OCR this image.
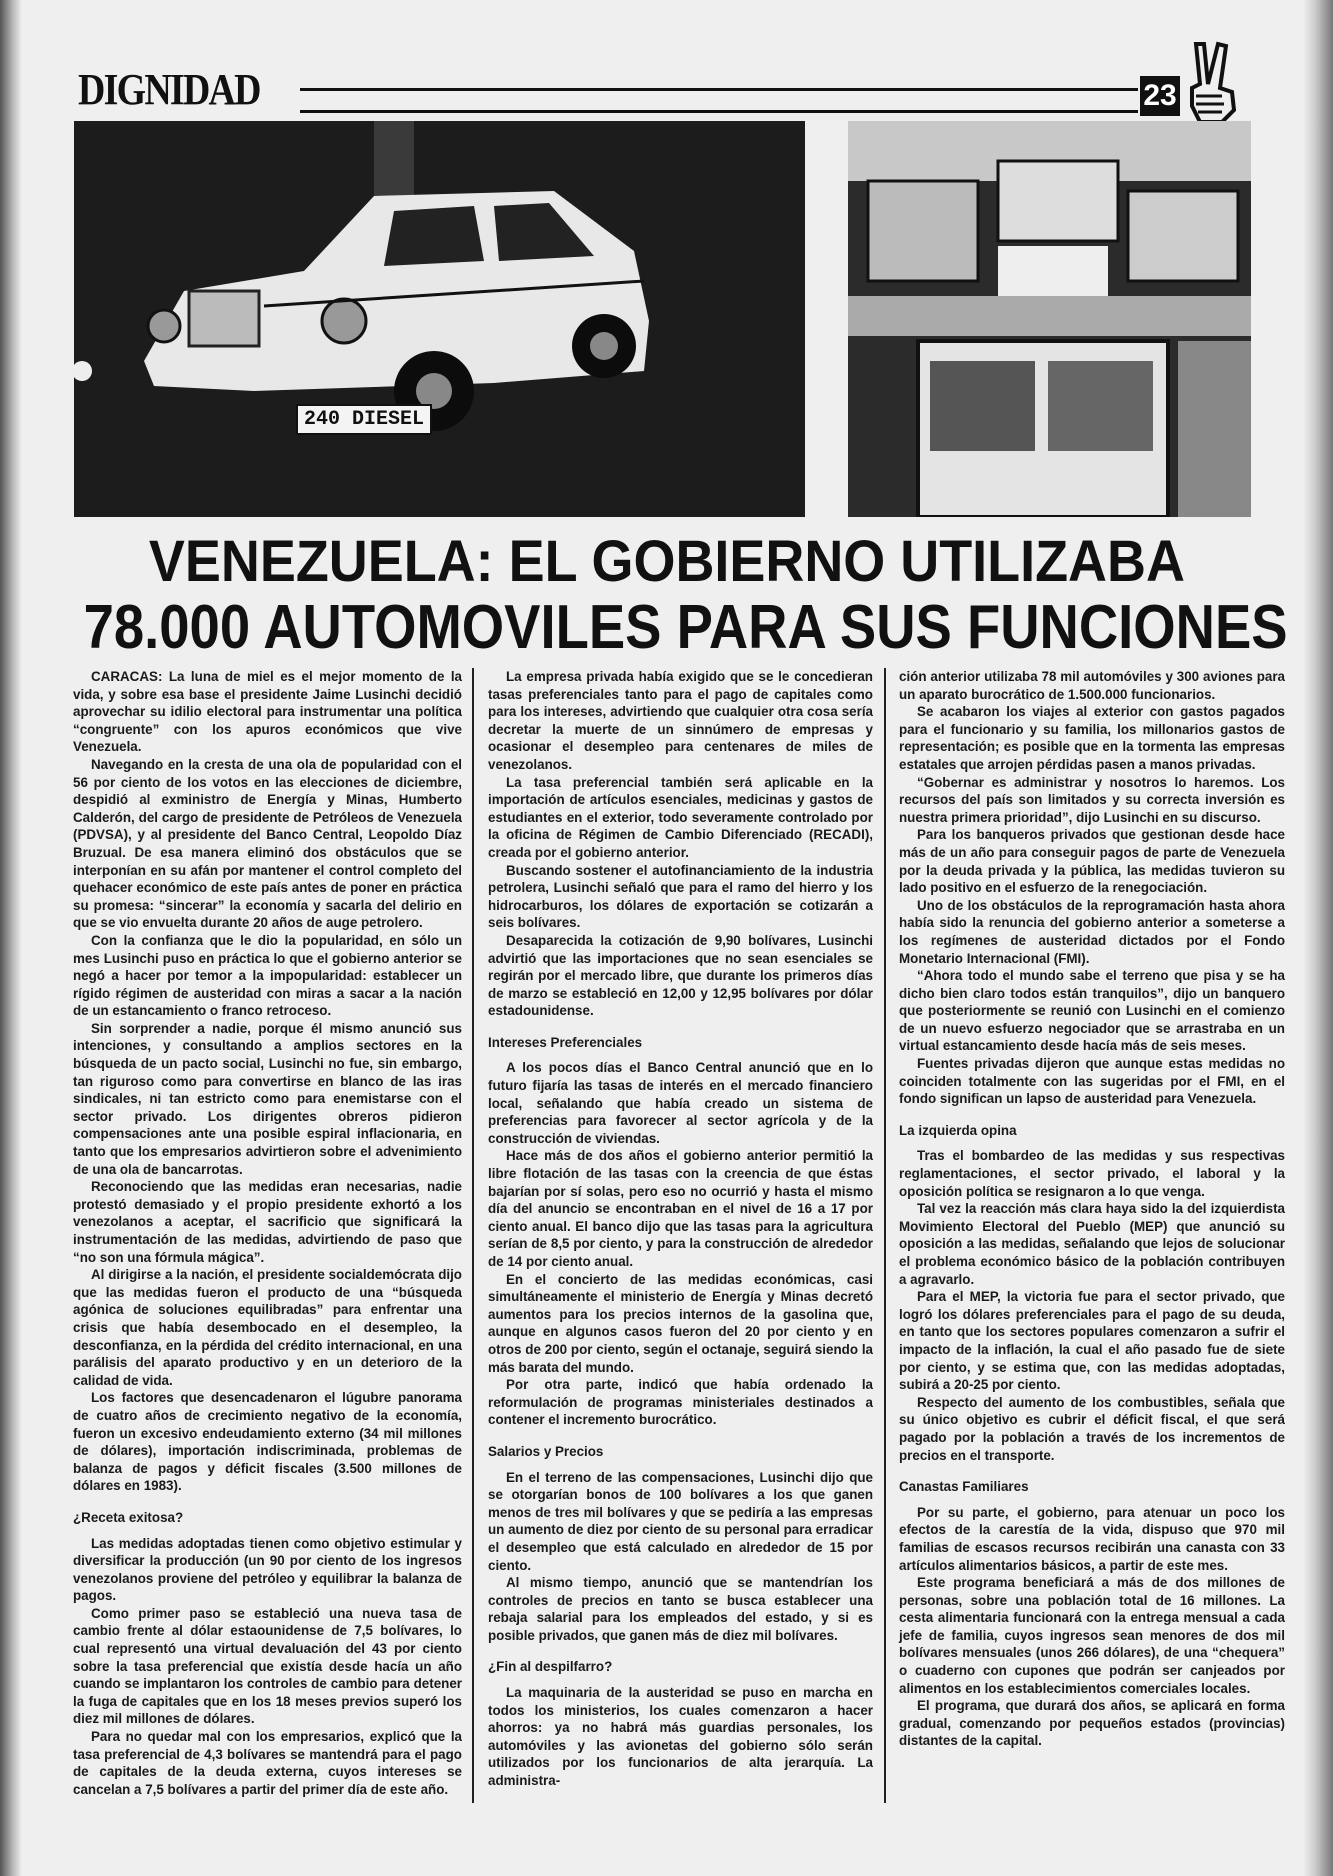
DIGNIDAD	23
240 DIESEL
VENEZUELA: EL GOBIERNO UTILIZABA
78.000 AUTOMOVILES PARA SUS FUNCIONES

CARACAS: La luna de miel es el mejor momento de la vida, y sobre esa base el presidente Jaime Lusinchi decidió aprovechar su idilio electoral para instrumentar una política “congruente” con los apuros económicos que vive Venezuela.

Navegando en la cresta de una ola de popularidad con el 56 por ciento de los votos en las elecciones de diciembre, despidió al exministro de Energía y Minas, Humberto Calderón, del cargo de presidente de Petróleos de Venezuela (PDVSA), y al presidente del Banco Central, Leopoldo Díaz Bruzual. De esa manera eliminó dos obstáculos que se interponían en su afán por mantener el control completo del quehacer económico de este país antes de poner en práctica su promesa: “sincerar” la economía y sacarla del delirio en que se vio envuelta durante 20 años de auge petrolero.

Con la confianza que le dio la popularidad, en sólo un mes Lusinchi puso en práctica lo que el gobierno anterior se negó a hacer por temor a la impopularidad: establecer un rígido régimen de austeridad con miras a sacar a la nación de un estancamiento o franco retroceso.

Sin sorprender a nadie, porque él mismo anunció sus intenciones, y consultando a amplios sectores en la búsqueda de un pacto social, Lusinchi no fue, sin embargo, tan riguroso como para convertirse en blanco de las iras sindicales, ni tan estricto como para enemistarse con el sector privado. Los dirigentes obreros pidieron compensaciones ante una posible espiral inflacionaria, en tanto que los empresarios advirtieron sobre el advenimiento de una ola de bancarrotas.

Reconociendo que las medidas eran necesarias, nadie protestó demasiado y el propio presidente exhortó a los venezolanos a aceptar, el sacrificio que significará la instrumentación de las medidas, advirtiendo de paso que “no son una fórmula mágica”.

Al dirigirse a la nación, el presidente socialdemócrata dijo que las medidas fueron el producto de una “búsqueda agónica de soluciones equilibradas” para enfrentar una crisis que había desembocado en el desempleo, la desconfianza, en la pérdida del crédito internacional, en una parálisis del aparato productivo y en un deterioro de la calidad de vida.

Los factores que desencadenaron el lúgubre panorama de cuatro años de crecimiento negativo de la economía, fueron un excesivo endeudamiento externo (34 mil millones de dólares), importación indiscriminada, problemas de balanza de pagos y déficit fiscales (3.500 millones de dólares en 1983).

¿Receta exitosa?

Las medidas adoptadas tienen como objetivo estimular y diversificar la producción (un 90 por ciento de los ingresos venezolanos proviene del petróleo y equilibrar la balanza de pagos.

Como primer paso se estableció una nueva tasa de cambio frente al dólar estaounidense de 7,5 bolívares, lo cual representó una virtual devaluación del 43 por ciento sobre la tasa preferencial que existía desde hacía un año cuando se implantaron los controles de cambio para detener la fuga de capitales que en los 18 meses previos superó los diez mil millones de dólares.

Para no quedar mal con los empresarios, explicó que la tasa preferencial de 4,3 bolívares se mantendrá para el pago de capitales de la deuda externa, cuyos intereses se cancelan a 7,5 bolívares a partir del primer día de este año.

La empresa privada había exigido que se le concedieran tasas preferenciales tanto para el pago de capitales como para los intereses, advirtiendo que cualquier otra cosa sería decretar la muerte de un sinnúmero de empresas y ocasionar el desempleo para centenares de miles de venezolanos.

La tasa preferencial también será aplicable en la importación de artículos esenciales, medicinas y gastos de estudiantes en el exterior, todo severamente controlado por la oficina de Régimen de Cambio Diferenciado (RECADI), creada por el gobierno anterior.

Buscando sostener el autofinanciamiento de la industria petrolera, Lusinchi señaló que para el ramo del hierro y los hidrocarburos, los dólares de exportación se cotizarán a seis bolívares.

Desaparecida la cotización de 9,90 bolívares, Lusinchi advirtió que las importaciones que no sean esenciales se regirán por el mercado libre, que durante los primeros días de marzo se estableció en 12,00 y 12,95 bolívares por dólar estadounidense.

Intereses Preferenciales

A los pocos días el Banco Central anunció que en lo futuro fijaría las tasas de interés en el mercado financiero local, señalando que había creado un sistema de preferencias para favorecer al sector agrícola y de la construcción de viviendas.

Hace más de dos años el gobierno anterior permitió la libre flotación de las tasas con la creencia de que éstas bajarían por sí solas, pero eso no ocurrió y hasta el mismo día del anuncio se encontraban en el nivel de 16 a 17 por ciento anual. El banco dijo que las tasas para la agricultura serían de 8,5 por ciento, y para la construcción de alrededor de 14 por ciento anual.

En el concierto de las medidas económicas, casi simultáneamente el ministerio de Energía y Minas decretó aumentos para los precios internos de la gasolina que, aunque en algunos casos fueron del 20 por ciento y en otros de 200 por ciento, según el octanaje, seguirá siendo la más barata del mundo.

Por otra parte, indicó que había ordenado la reformulación de programas ministeriales destinados a contener el incremento burocrático.

Salarios y Precios

En el terreno de las compensaciones, Lusinchi dijo que se otorgarían bonos de 100 bolívares a los que ganen menos de tres mil bolívares y que se pediría a las empresas un aumento de diez por ciento de su personal para erradicar el desempleo que está calculado en alrededor de 15 por ciento.

Al mismo tiempo, anunció que se mantendrían los controles de precios en tanto se busca establecer una rebaja salarial para los empleados del estado, y si es posible privados, que ganen más de diez mil bolívares.

¿Fin al despilfarro?

La maquinaria de la austeridad se puso en marcha en todos los ministerios, los cuales comenzaron a hacer ahorros: ya no habrá más guardias personales, los automóviles y las avionetas del gobierno sólo serán utilizados por los funcionarios de alta jerarquía. La administra-

ción anterior utilizaba 78 mil automóviles y 300 aviones para un aparato burocrático de 1.500.000 funcionarios.

Se acabaron los viajes al exterior con gastos pagados para el funcionario y su familia, los millonarios gastos de representación; es posible que en la tormenta las empresas estatales que arrojen pérdidas pasen a manos privadas.

“Gobernar es administrar y nosotros lo haremos. Los recursos del país son limitados y su correcta inversión es nuestra primera prioridad”, dijo Lusinchi en su discurso.

Para los banqueros privados que gestionan desde hace más de un año para conseguir pagos de parte de Venezuela por la deuda privada y la pública, las medidas tuvieron su lado positivo en el esfuerzo de la renegociación.

Uno de los obstáculos de la reprogramación hasta ahora había sido la renuncia del gobierno anterior a someterse a los regímenes de austeridad dictados por el Fondo Monetario Internacional (FMI).

“Ahora todo el mundo sabe el terreno que pisa y se ha dicho bien claro todos están tranquilos”, dijo un banquero que posteriormente se reunió con Lusinchi en el comienzo de un nuevo esfuerzo negociador que se arrastraba en un virtual estancamiento desde hacía más de seis meses.

Fuentes privadas dijeron que aunque estas medidas no coinciden totalmente con las sugeridas por el FMI, en el fondo significan un lapso de austeridad para Venezuela.

La izquierda opina

Tras el bombardeo de las medidas y sus respectivas reglamentaciones, el sector privado, el laboral y la oposición política se resignaron a lo que venga.

Tal vez la reacción más clara haya sido la del izquierdista Movimiento Electoral del Pueblo (MEP) que anunció su oposición a las medidas, señalando que lejos de solucionar el problema económico básico de la población contribuyen a agravarlo.

Para el MEP, la victoria fue para el sector privado, que logró los dólares preferenciales para el pago de su deuda, en tanto que los sectores populares comenzaron a sufrir el impacto de la inflación, la cual el año pasado fue de siete por ciento, y se estima que, con las medidas adoptadas, subirá a 20-25 por ciento.

Respecto del aumento de los combustibles, señala que su único objetivo es cubrir el déficit fiscal, el que será pagado por la población a través de los incrementos de precios en el transporte.

Canastas Familiares

Por su parte, el gobierno, para atenuar un poco los efectos de la carestía de la vida, dispuso que 970 mil familias de escasos recursos recibirán una canasta con 33 artículos alimentarios básicos, a partir de este mes.

Este programa beneficiará a más de dos millones de personas, sobre una población total de 16 millones. La cesta alimentaria funcionará con la entrega mensual a cada jefe de familia, cuyos ingresos sean menores de dos mil bolívares mensuales (unos 266 dólares), de una “chequera” o cuaderno con cupones que podrán ser canjeados por alimentos en los establecimientos comerciales locales.

El programa, que durará dos años, se aplicará en forma gradual, comenzando por pequeños estados (provincias) distantes de la capital.
